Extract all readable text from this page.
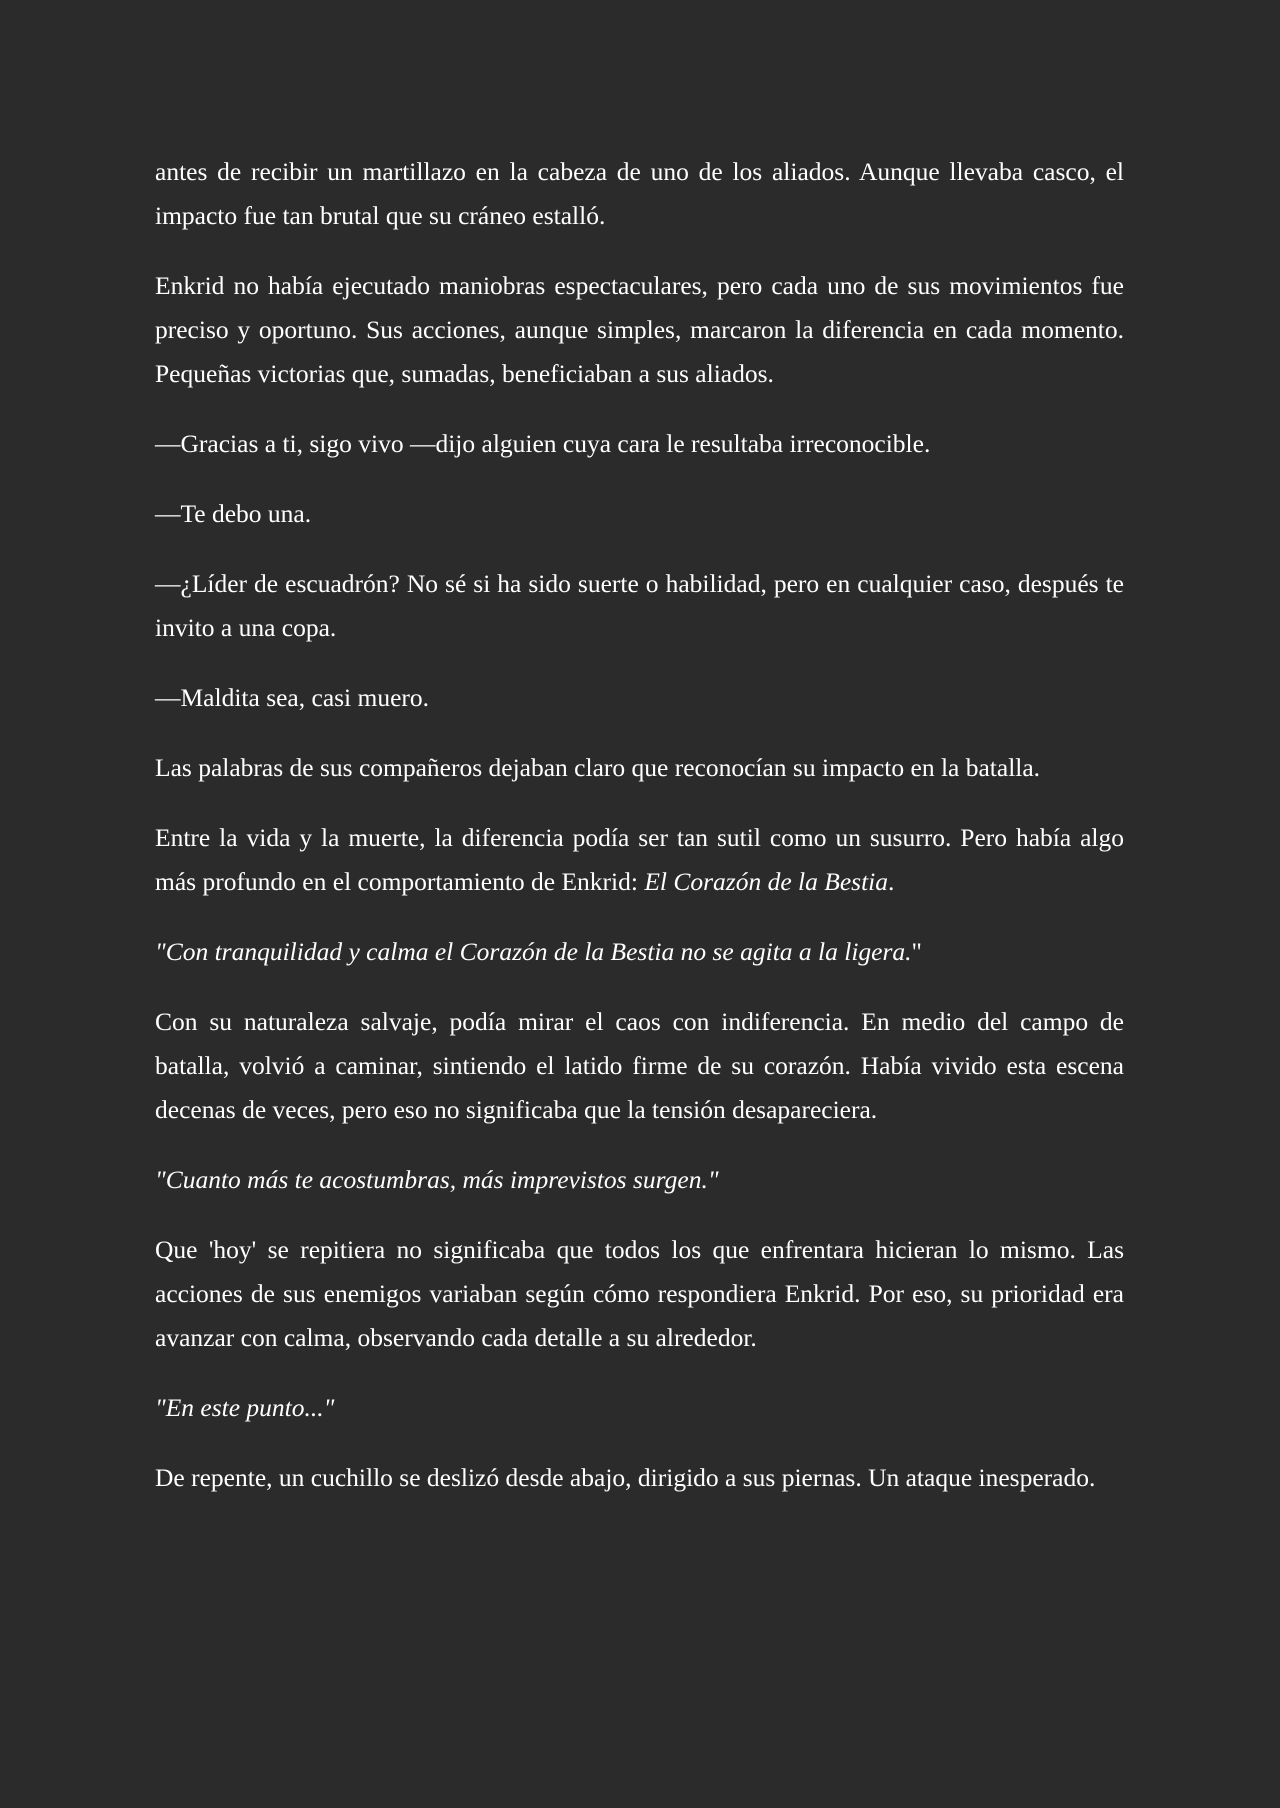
antes de recibir un martillazo en la cabeza de uno de los aliados. Aunque llevaba casco, el impacto fue tan brutal que su cráneo estalló.

Enkrid no había ejecutado maniobras espectaculares, pero cada uno de sus movimientos fue preciso y oportuno. Sus acciones, aunque simples, marcaron la diferencia en cada momento. Pequeñas victorias que, sumadas, beneficiaban a sus aliados.

—Gracias a ti, sigo vivo —dijo alguien cuya cara le resultaba irreconocible.

—Te debo una.

—¿Líder de escuadrón? No sé si ha sido suerte o habilidad, pero en cualquier caso, después te invito a una copa.

—Maldita sea, casi muero.

Las palabras de sus compañeros dejaban claro que reconocían su impacto en la batalla.

Entre la vida y la muerte, la diferencia podía ser tan sutil como un susurro. Pero había algo más profundo en el comportamiento de Enkrid: El Corazón de la Bestia.

"Con tranquilidad y calma el Corazón de la Bestia no se agita a la ligera."

Con su naturaleza salvaje, podía mirar el caos con indiferencia. En medio del campo de batalla, volvió a caminar, sintiendo el latido firme de su corazón. Había vivido esta escena decenas de veces, pero eso no significaba que la tensión desapareciera.

"Cuanto más te acostumbras, más imprevistos surgen."

Que 'hoy' se repitiera no significaba que todos los que enfrentara hicieran lo mismo. Las acciones de sus enemigos variaban según cómo respondiera Enkrid. Por eso, su prioridad era avanzar con calma, observando cada detalle a su alrededor.

"En este punto..."

De repente, un cuchillo se deslizó desde abajo, dirigido a sus piernas. Un ataque inesperado.
